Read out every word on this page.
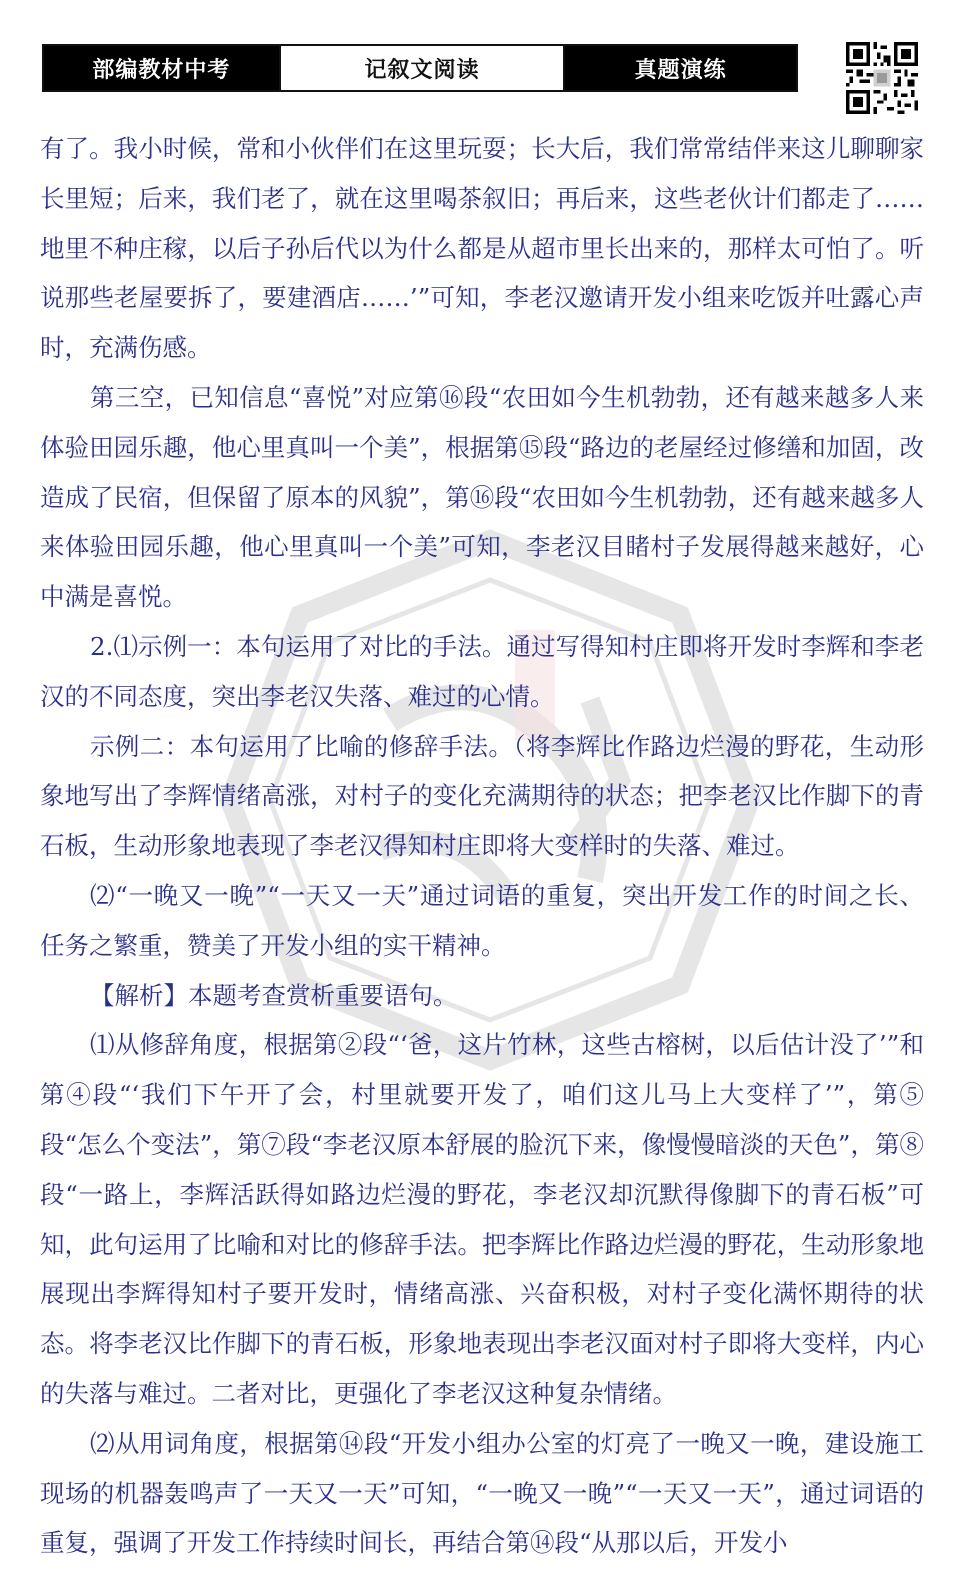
部编教材中考	记叙文阅读	真题演练

有了。我小时候，常和小伙伴们在这里玩耍；长大后，我们常常结伴来这儿聊聊家长里短；后来，我们老了，就在这里喝茶叙旧；再后来，这些老伙计们都走了……地里不种庄稼，以后子孙后代以为什么都是从超市里长出来的，那样太可怕了。听说那些老屋要拆了，要建酒店……’”可知，李老汉邀请开发小组来吃饭并吐露心声时，充满伤感。

第三空，已知信息“喜悦”对应第⑯段“农田如今生机勃勃，还有越来越多人来体验田园乐趣，他心里真叫一个美”，根据第⑮段“路边的老屋经过修缮和加固，改造成了民宿，但保留了原本的风貌”，第⑯段“农田如今生机勃勃，还有越来越多人来体验田园乐趣，他心里真叫一个美”可知，李老汉目睹村子发展得越来越好，心中满是喜悦。

2.⑴示例一：本句运用了对比的手法。通过写得知村庄即将开发时李辉和李老汉的不同态度，突出李老汉失落、难过的心情。

示例二：本句运用了比喻的修辞手法。（将李辉比作路边烂漫的野花，生动形象地写出了李辉情绪高涨，对村子的变化充满期待的状态；把李老汉比作脚下的青石板，生动形象地表现了李老汉得知村庄即将大变样时的失落、难过。

⑵“一晚又一晚”“一天又一天”通过词语的重复，突出开发工作的时间之长、任务之繁重，赞美了开发小组的实干精神。

【解析】本题考查赏析重要语句。

⑴从修辞角度，根据第②段“‘爸，这片竹林，这些古榕树，以后估计没了’”和第④段“‘我们下午开了会，村里就要开发了，咱们这儿马上大变样了’”，第⑤段“怎么个变法”，第⑦段“李老汉原本舒展的脸沉下来，像慢慢暗淡的天色”，第⑧段“一路上，李辉活跃得如路边烂漫的野花，李老汉却沉默得像脚下的青石板”可知，此句运用了比喻和对比的修辞手法。把李辉比作路边烂漫的野花，生动形象地展现出李辉得知村子要开发时，情绪高涨、兴奋积极，对村子变化满怀期待的状态。将李老汉比作脚下的青石板，形象地表现出李老汉面对村子即将大变样，内心的失落与难过。二者对比，更强化了李老汉这种复杂情绪。

⑵从用词角度，根据第⑭段“开发小组办公室的灯亮了一晚又一晚，建设施工现场的机器轰鸣声了一天又一天”可知，“一晚又一晚”“一天又一天”，通过词语的重复，强调了开发工作持续时间长，再结合第⑭段“从那以后，开发小
